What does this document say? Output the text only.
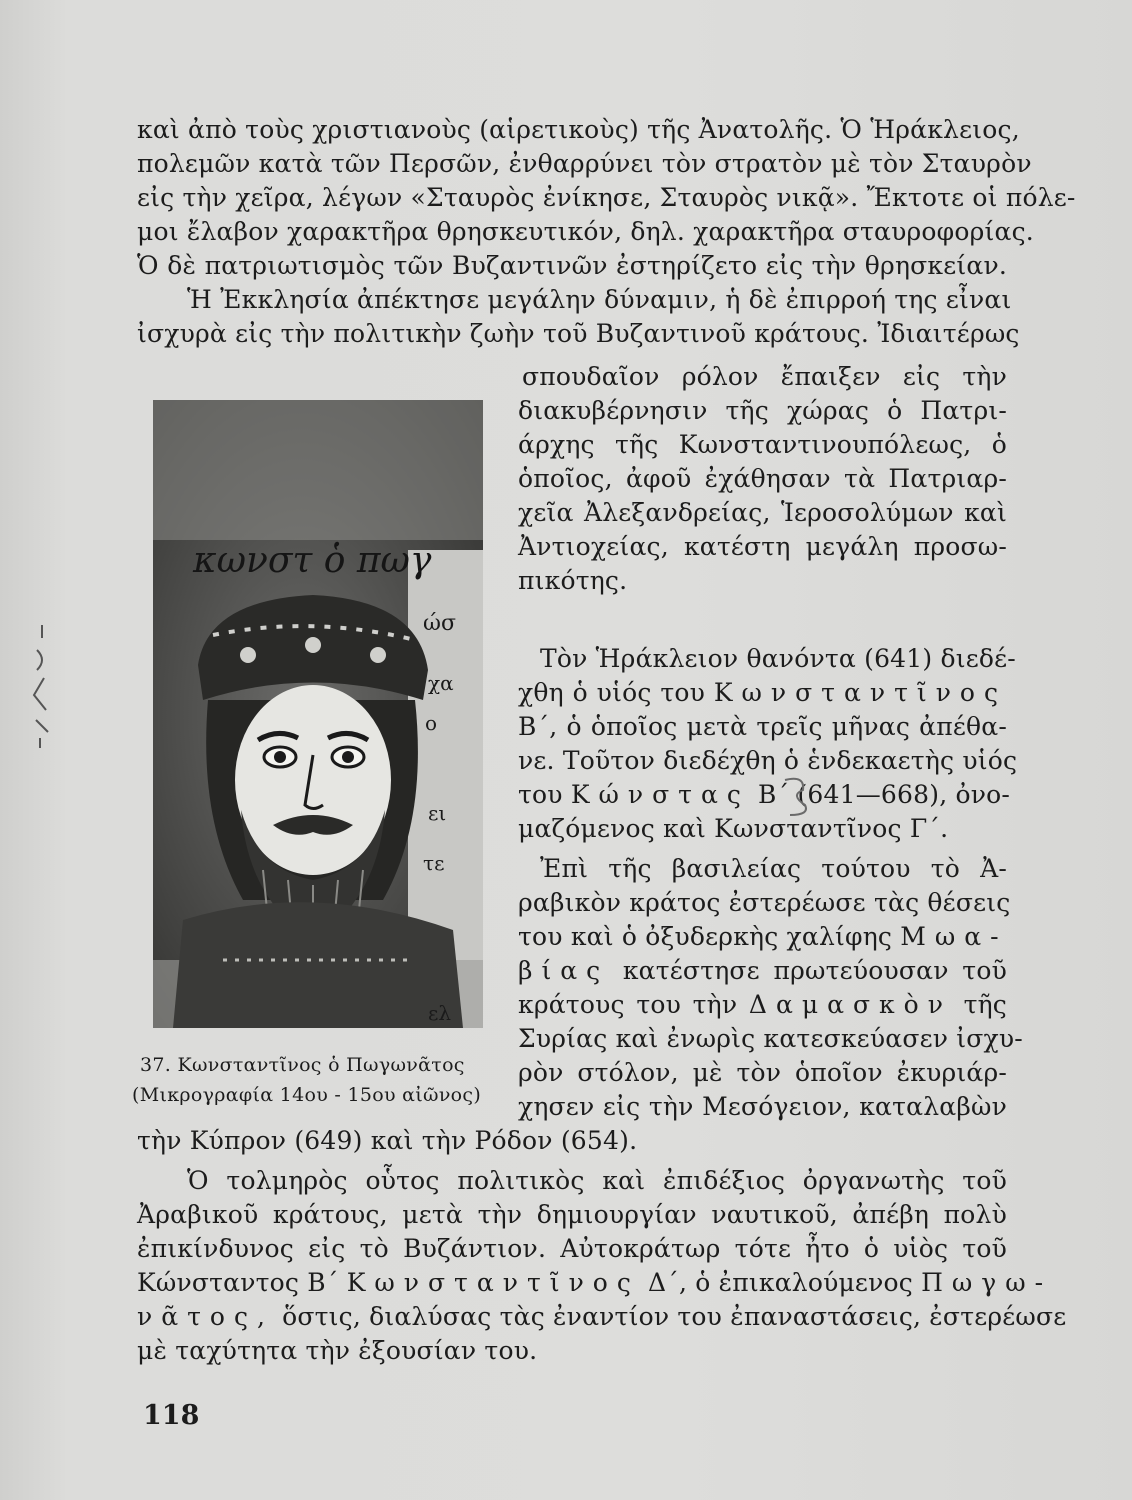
καὶ ἀπὸ τοὺς χριστιανοὺς (αἱρετικοὺς) τῆς Ἀνατολῆς. Ὁ Ἡράκλειος,
πολεμῶν κατὰ τῶν Περσῶν, ἐνθαρρύνει τὸν στρατὸν μὲ τὸν Σταυρὸν
εἰς τὴν χεῖρα, λέγων «Σταυρὸς ἐνίκησε, Σταυρὸς νικᾷ». Ἔκτοτε οἱ πόλε-
μοι ἔλαβον χαρακτῆρα θρησκευτικόν, δηλ. χαρακτῆρα σταυροφορίας.
Ὁ δὲ πατριωτισμὸς τῶν Βυζαντινῶν ἐστηρίζετο εἰς τὴν θρησκείαν.
Ἡ Ἐκκλησία ἀπέκτησε μεγάλην δύναμιν, ἡ δὲ ἐπιρροή της εἶναι
ἰσχυρὰ εἰς τὴν πολιτικὴν ζωὴν τοῦ Βυζαντινοῦ κράτους. Ἰδιαιτέρως
σπουδαῖον ρόλον ἔπαιξεν εἰς τὴν
διακυβέρνησιν τῆς χώρας ὁ Πατρι-
άρχης τῆς Κωνσταντινουπόλεως, ὁ
ὁποῖος, ἀφοῦ ἐχάθησαν τὰ Πατριαρ-
χεῖα Ἀλεξανδρείας, Ἱεροσολύμων καὶ
Ἀντιοχείας, κατέστη μεγάλη προσω-
πικότης.
Τὸν Ἡράκλειον θανόντα (641) διεδέ-
χθη ὁ υἱός του Κωνσταντῖνος
Β΄, ὁ ὁποῖος μετὰ τρεῖς μῆνας ἀπέθα-
νε. Τοῦτον διεδέχθη ὁ ἑνδεκαετὴς υἱός
του Κώνστας Β΄ (641—668), ὀνο-
μαζόμενος καὶ Κωνσταντῖνος Γ΄.
Ἐπὶ τῆς βασιλείας τούτου τὸ Ἀ-
ραβικὸν κράτος ἐστερέωσε τὰς θέσεις
του καὶ ὁ ὀξυδερκὴς χαλίφης Μωα-
βίας κατέστησε πρωτεύουσαν τοῦ
κράτους του τὴν Δαμασκὸν τῆς
Συρίας καὶ ἐνωρὶς κατεσκεύασεν ἰσχυ-
ρὸν στόλον, μὲ τὸν ὁποῖον ἐκυριάρ-
χησεν εἰς τὴν Μεσόγειον, καταλαβὼν
τὴν Κύπρον (649) καὶ τὴν Ρόδον (654).
Ὁ τολμηρὸς οὗτος πολιτικὸς καὶ ἐπιδέξιος ὀργανωτὴς τοῦ
Ἀραβικοῦ κράτους, μετὰ τὴν δημιουργίαν ναυτικοῦ, ἀπέβη πολὺ
ἐπικίνδυνος εἰς τὸ Βυζάντιον. Αὐτοκράτωρ τότε ἦτο ὁ υἱὸς τοῦ
Κώνσταντος Β΄ Κωνσταντῖνος Δ΄, ὁ ἐπικαλούμενος Πωγω-
νᾶτος, ὅστις, διαλύσας τὰς ἐναντίον του ἐπαναστάσεις, ἐστερέωσε
μὲ ταχύτητα τὴν ἐξουσίαν του.
κωνστ ὁ πωγ
ώσ
χα
ο
ει
τε
ελ
37. Κωνσταντῖνος ὁ Πωγωνᾶτος
(Μικρογραφία 14ου - 15ου αἰῶνος)
118
